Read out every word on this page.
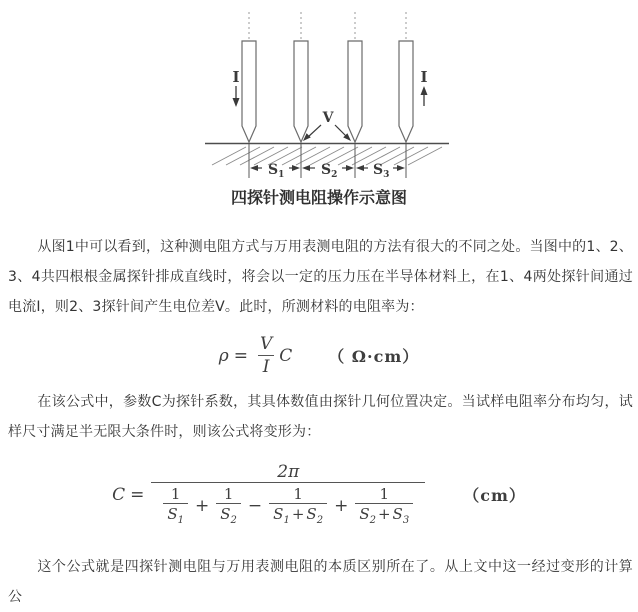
I	I
V
$S_1$	$S_2$	$S_3$
四探针测电阻操作示意图

从图1中可以看到，这种测电阻方式与万用表测电阻的方法有很大的不同之处。当图中的1、2、3、4共四根根金属探针排成直线时，将会以一定的压力压在半导体材料上，在1、4两处探针间通过电流I，则2、3探针间产生电位差V。此时，所测材料的电阻率为：

$\rho = \frac{V}{I}$ C （ Ω·cm）

在该公式中，参数C为探针系数，其具体数值由探针几何位置决定。当试样电阻率分布均匀，试样尺寸满足半无限大条件时，则该公式将变形为：

C =
2π
$\frac{1}{S_1} + \frac{1}{S_2} - \frac{1}{S_1 + S_2} + \frac{1}{S_2 + S_3}$	（cm）

这个公式就是四探针测电阻与万用表测电阻的本质区别所在了。从上文中这一经过变形的计算公
